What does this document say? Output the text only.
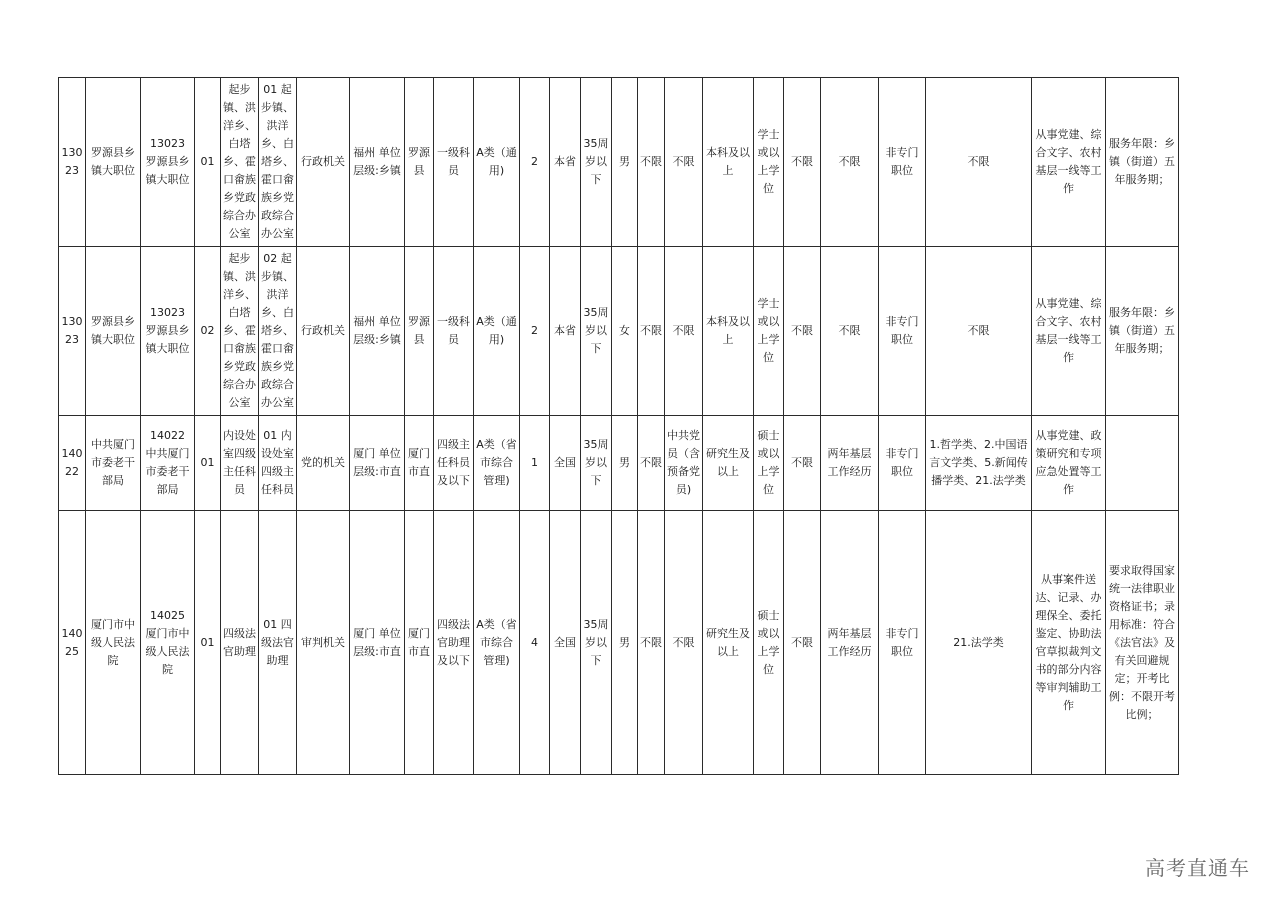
13023	罗源县乡镇大职位	13023 罗源县乡镇大职位	01	起步镇、洪洋乡、白塔乡、霍口畲族乡党政综合办公室	01 起步镇、洪洋乡、白塔乡、霍口畲族乡党政综合办公室	行政机关	福州 单位层级:乡镇	罗源县	一级科员	A类（通用)	2	本省	35周岁以下	男	不限	不限	本科及以上	学士或以上学位	不限	不限	非专门职位	不限	从事党建、综合文字、农村基层一线等工作	服务年限：乡镇（街道）五年服务期；
13023	罗源县乡镇大职位	13023 罗源县乡镇大职位	02	起步镇、洪洋乡、白塔乡、霍口畲族乡党政综合办公室	02 起步镇、洪洋乡、白塔乡、霍口畲族乡党政综合办公室	行政机关	福州 单位层级:乡镇	罗源县	一级科员	A类（通用)	2	本省	35周岁以下	女	不限	不限	本科及以上	学士或以上学位	不限	不限	非专门职位	不限	从事党建、综合文字、农村基层一线等工作	服务年限：乡镇（街道）五年服务期；
14022	中共厦门市委老干部局	14022 中共厦门市委老干部局	01	内设处室四级主任科员	01 内设处室四级主任科员	党的机关	厦门 单位层级:市直	厦门市直	四级主任科员及以下	A类（省市综合管理)	1	全国	35周岁以下	男	不限	中共党员（含预备党员)	研究生及以上	硕士或以上学位	不限	两年基层工作经历	非专门职位	1.哲学类、2.中国语言文学类、5.新闻传播学类、21.法学类	从事党建、政策研究和专项应急处置等工作	
14025	厦门市中级人民法院	14025 厦门市中级人民法院	01	四级法官助理	01 四级法官助理	审判机关	厦门 单位层级:市直	厦门市直	四级法官助理及以下	A类（省市综合管理)	4	全国	35周岁以下	男	不限	不限	研究生及以上	硕士或以上学位	不限	两年基层工作经历	非专门职位	21.法学类	从事案件送达、记录、办理保全、委托鉴定、协助法官草拟裁判文书的部分内容等审判辅助工作	要求取得国家统一法律职业资格证书；录用标准：符合《法官法》及有关回避规定；开考比例：不限开考比例；
高考直通车
